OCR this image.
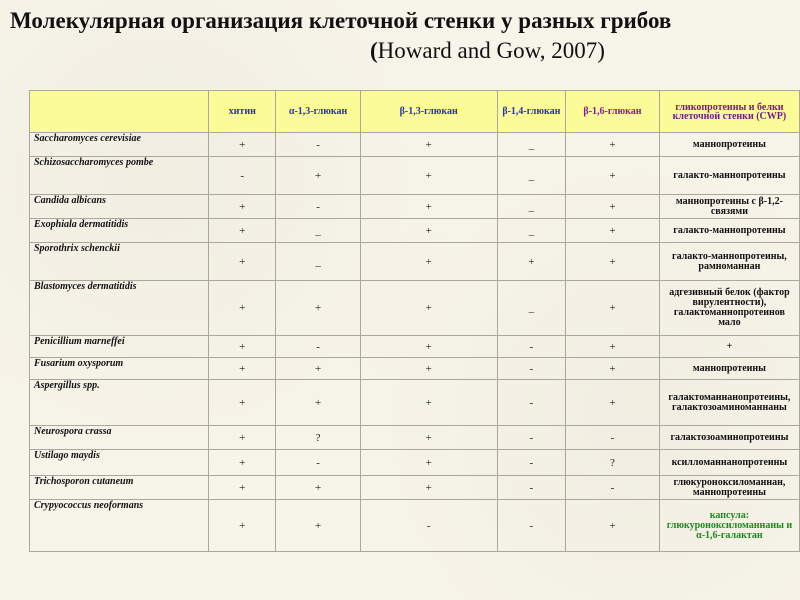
Молекулярная организация клеточной стенки у разных грибов
(Howard and Gow, 2007)
	хитин	α-1,3-глюкан	β-1,3-глюкан	β-1,4-глюкан	β-1,6-глюкан	гликопротеины и белки клеточной стенки (CWP)
Saccharomyces cerevisiae	+	-	+	_	+	маннопротеины
Schizosaccharomyces pombe	-	+	+	_	+	галакто-маннопротеины
Candida albicans	+	-	+	_	+	маннопротеины с β-1,2-связями
Exophiala dermatitidis	+	_	+	_	+	галакто-маннопротеины
Sporothrix schenckii	+	_	+	+	+	галакто-маннопротеины, рамноманнан
Blastomyces dermatitidis	+	+	+	_	+	адгезивный белок (фактор вирулентности), галактоманнопротеинов мало
Penicillium marneffei	+	-	+	-	+	+
Fusarium oxysporum	+	+	+	-	+	маннопротеины
Aspergillus spp.	+	+	+	-	+	галактоманнанопротеины, галактозоаминоманнаны
Neurospora crassa	+	?	+	-	-	галактозоаминопротеины
Ustilago maydis	+	-	+	-	?	ксилломаннанопротеины
Trichosporon cutaneum	+	+	+	-	-	глюкуроноксиломаннан, маннопротеины
Crypyococcus neoformans	+	+	-	-	+	капсула: глюкуроноксиломаннаны и α-1,6-галактан
